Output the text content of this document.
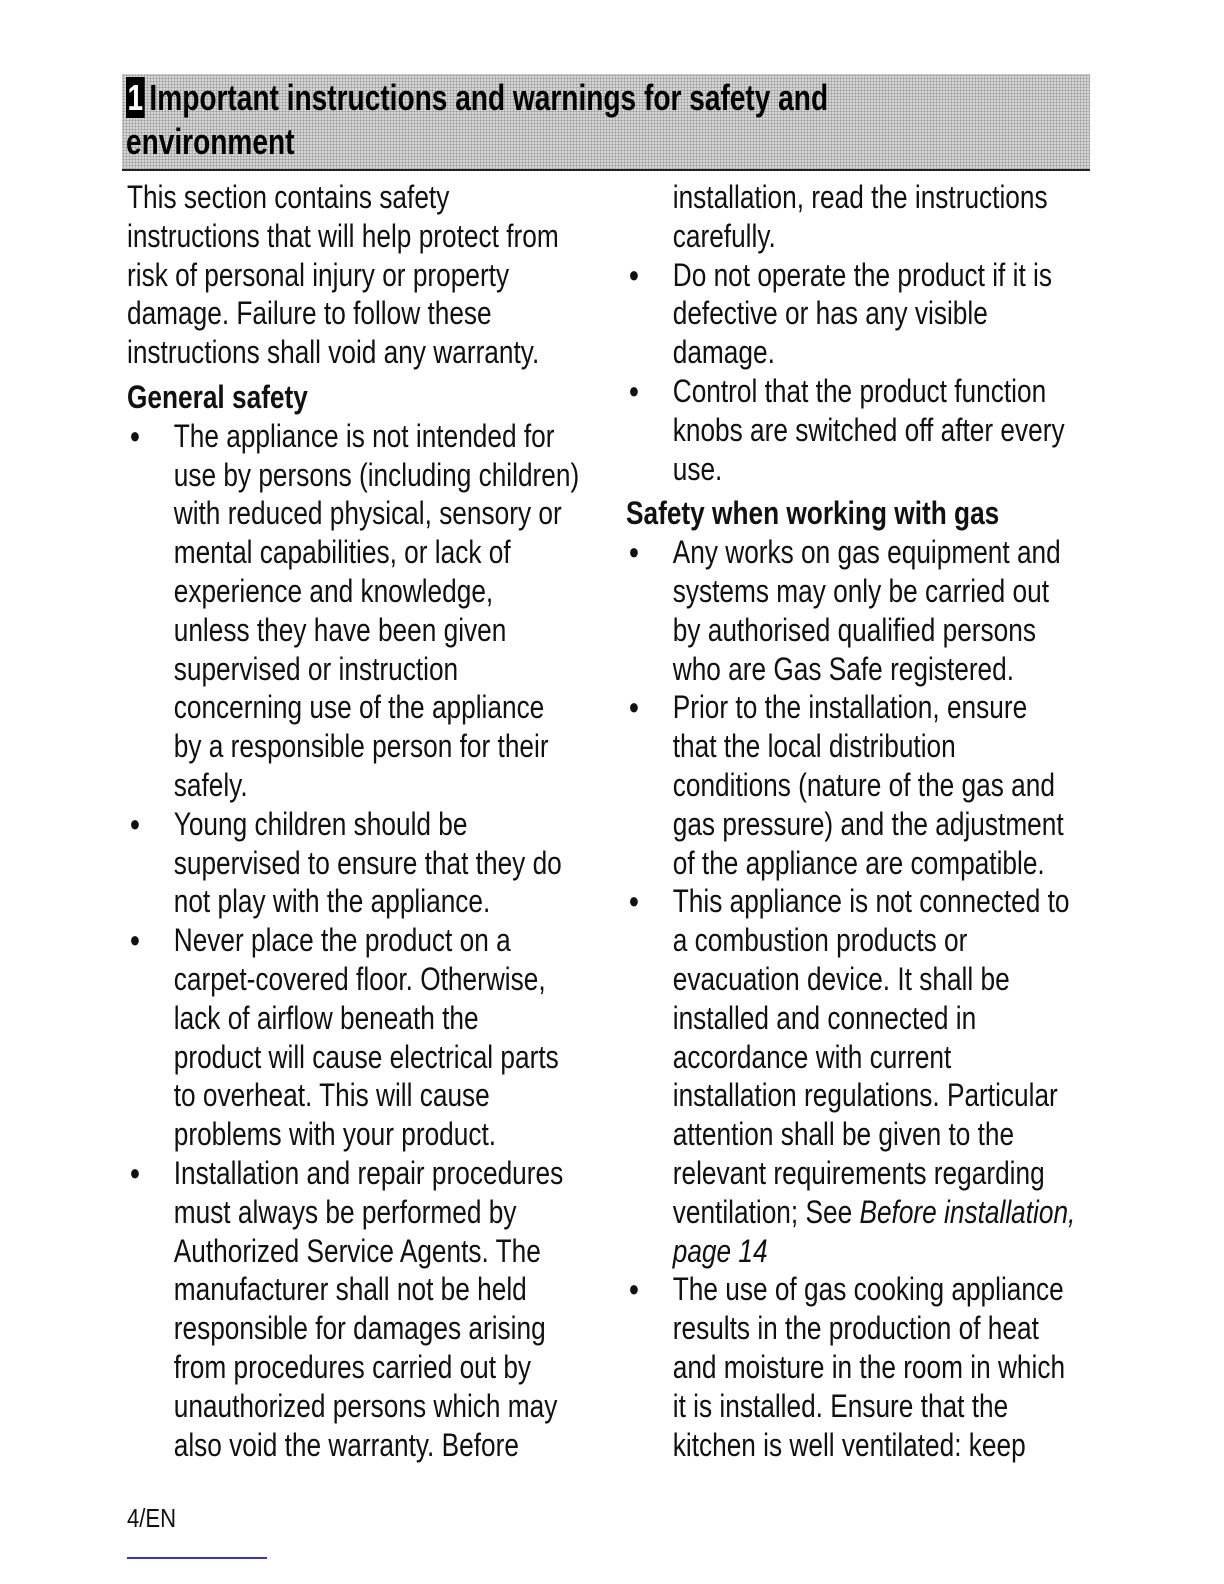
1 Important instructions and warnings for safety and
environment
This section contains safety
instructions that will help protect from
risk of personal injury or property
damage. Failure to follow these
instructions shall void any warranty.
General safety
● The appliance is not intended for
use by persons (including children)
with reduced physical, sensory or
mental capabilities, or lack of
experience and knowledge,
unless they have been given
supervised or instruction
concerning use of the appliance
by a responsible person for their
safely.
● Young children should be
supervised to ensure that they do
not play with the appliance.
● Never place the product on a
carpet-covered floor. Otherwise,
lack of airflow beneath the
product will cause electrical parts
to overheat. This will cause
problems with your product.
● Installation and repair procedures
must always be performed by
Authorized Service Agents. The
manufacturer shall not be held
responsible for damages arising
from procedures carried out by
unauthorized persons which may
also void the warranty. Before
installation, read the instructions
carefully.
● Do not operate the product if it is
defective or has any visible
damage.
● Control that the product function
knobs are switched off after every
use.
Safety when working with gas
● Any works on gas equipment and
systems may only be carried out
by authorised qualified persons
who are Gas Safe registered.
● Prior to the installation, ensure
that the local distribution
conditions (nature of the gas and
gas pressure) and the adjustment
of the appliance are compatible.
● This appliance is not connected to
a combustion products or
evacuation device. It shall be
installed and connected in
accordance with current
installation regulations. Particular
attention shall be given to the
relevant requirements regarding
ventilation; See Before installation,
page 14
● The use of gas cooking appliance
results in the production of heat
and moisture in the room in which
it is installed. Ensure that the
kitchen is well ventilated: keep
4/EN
